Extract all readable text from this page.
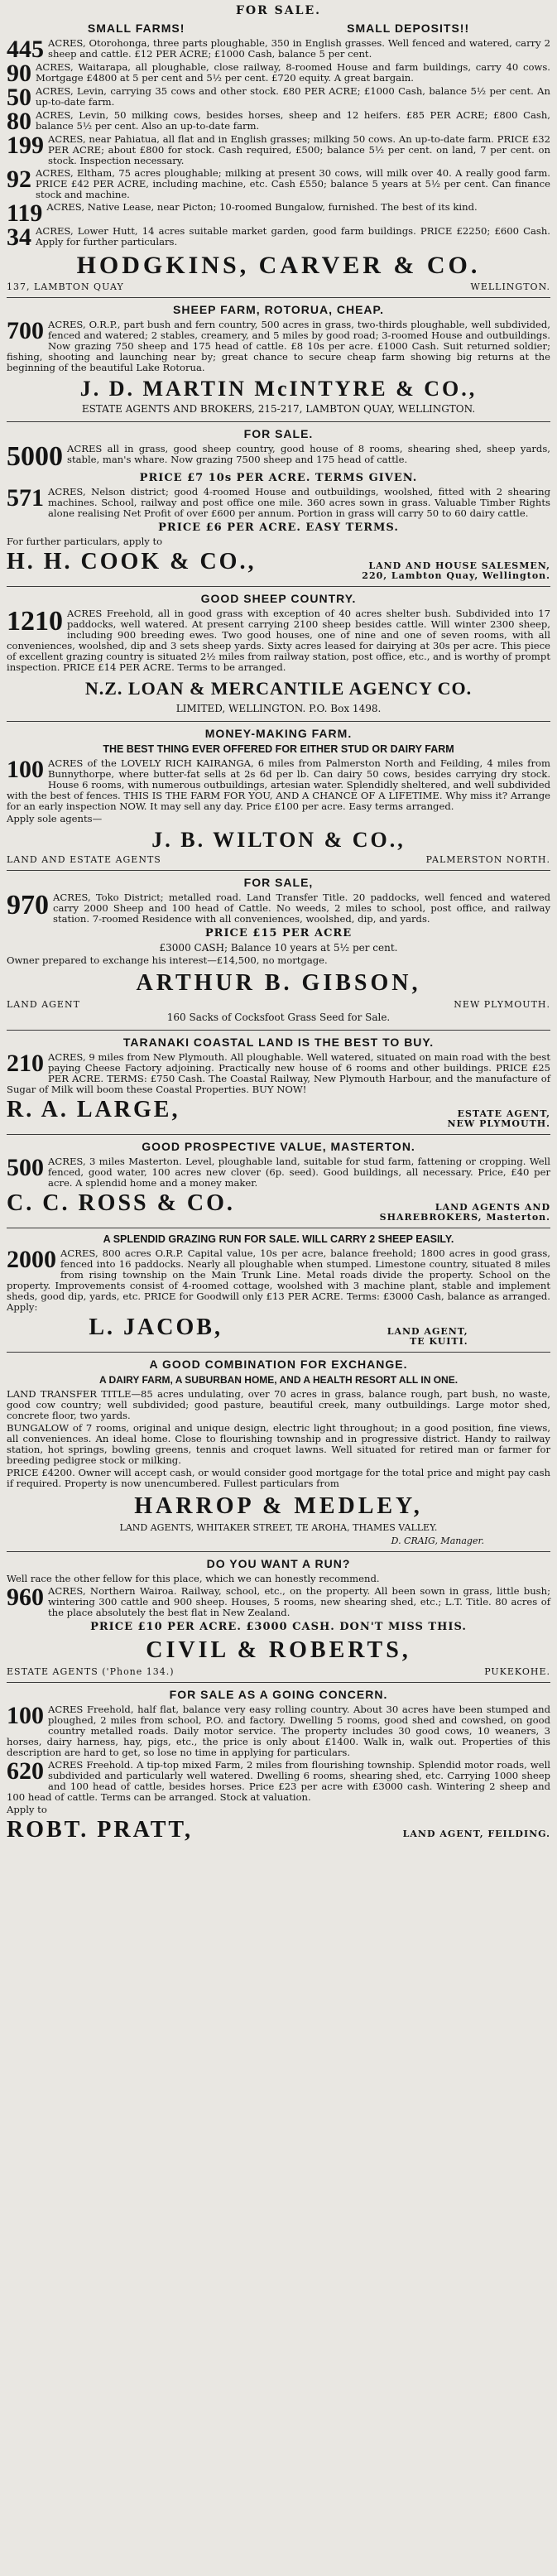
FOR SALE.
SMALL FARMS!	SMALL DEPOSITS!!
445 ACRES, Otorohonga, three parts ploughable, 350 in English grasses. Well fenced and watered, carry 2 sheep and cattle. £12 PER ACRE; £1000 Cash, balance 5 per cent.
90 ACRES, Waitarapa, all ploughable, close railway, 8-roomed House and farm buildings, carry 40 cows. Mortgage £4800 at 5 per cent and 5½ per cent. £720 equity. A great bargain.
50 ACRES, Levin, carrying 35 cows and other stock. £80 PER ACRE; £1000 Cash, balance 5½ per cent. An up-to-date farm.
80 ACRES, Levin, 50 milking cows, besides horses, sheep and 12 heifers. £85 PER ACRE; £800 Cash, balance 5½ per cent. Also an up-to-date farm.
199 ACRES, near Pahiatua, all flat and in English grasses; milking 50 cows. An up-to-date farm. PRICE £32 PER ACRE; about £800 for stock. Cash required, £500; balance 5½ per cent. on land, 7 per cent. on stock. Inspection necessary.
92 ACRES, Eltham, 75 acres ploughable; milking at present 30 cows, will milk over 40. A really good farm. PRICE £42 PER ACRE, including machine, etc. Cash £550; balance 5 years at 5½ per cent. Can finance stock and machine.
119 ACRES, Native Lease, near Picton; 10-roomed Bungalow, furnished. The best of its kind.
34 ACRES, Lower Hutt, 14 acres suitable market garden, good farm buildings. PRICE £2250; £600 Cash. Apply for further particulars.
HODGKINS, CARVER & CO.
137, LAMBTON QUAY	WELLINGTON.
SHEEP FARM, ROTORUA, CHEAP.
700 ACRES, O.R.P., part bush and fern country, 500 acres in grass, two-thirds ploughable, well subdivided, fenced and watered; 2 stables, creamery, and 5 miles by good road; 3-roomed House and outbuildings. Now grazing 750 sheep and 175 head of cattle. £8 10s per acre. £1000 Cash. Suit returned soldier; fishing, shooting and launching near by; great chance to secure cheap farm showing big returns at the beginning of the beautiful Lake Rotorua.
J. D. MARTIN McINTYRE & CO.,
ESTATE AGENTS AND BROKERS, 215-217, LAMBTON QUAY, WELLINGTON.
FOR SALE.
5000 ACRES all in grass, good sheep country, good house of 8 rooms, shearing shed, sheep yards, stable, man's whare. Now grazing 7500 sheep and 175 head of cattle.
PRICE £7 10s PER ACRE. TERMS GIVEN.
571 ACRES, Nelson district; good 4-roomed House and outbuildings, woolshed, fitted with 2 shearing machines. School, railway and post office one mile. 360 acres sown in grass. Valuable Timber Rights alone realising Net Profit of over £600 per annum. Portion in grass will carry 50 to 60 dairy cattle.
PRICE £6 PER ACRE. EASY TERMS.
For further particulars, apply to
H. H. COOK & CO.,	LAND AND HOUSE SALESMEN,
220, Lambton Quay, Wellington.
GOOD SHEEP COUNTRY.
1210 ACRES Freehold, all in good grass with exception of 40 acres shelter bush. Subdivided into 17 paddocks, well watered. At present carrying 2100 sheep besides cattle. Will winter 2300 sheep, including 900 breeding ewes. Two good houses, one of nine and one of seven rooms, with all conveniences, woolshed, dip and 3 sets sheep yards. Sixty acres leased for dairying at 30s per acre. This piece of excellent grazing country is situated 2½ miles from railway station, post office, etc., and is worthy of prompt inspection. PRICE £14 PER ACRE. Terms to be arranged.
N.Z. LOAN & MERCANTILE AGENCY CO.
LIMITED, WELLINGTON. P.O. Box 1498.
MONEY-MAKING FARM.
THE BEST THING EVER OFFERED FOR EITHER STUD OR DAIRY FARM
100 ACRES of the LOVELY RICH KAIRANGA, 6 miles from Palmerston North and Feilding, 4 miles from Bunnythorpe, where butter-fat sells at 2s 6d per lb. Can dairy 50 cows, besides carrying dry stock. House 6 rooms, with numerous outbuildings, artesian water. Splendidly sheltered, and well subdivided with the best of fences. THIS IS THE FARM FOR YOU, AND A CHANCE OF A LIFETIME. Why miss it? Arrange for an early inspection NOW. It may sell any day. Price £100 per acre. Easy terms arranged.
Apply sole agents—
J. B. WILTON & CO.,
LAND AND ESTATE AGENTS	PALMERSTON NORTH.
FOR SALE,
970 ACRES, Toko District; metalled road. Land Transfer Title. 20 paddocks, well fenced and watered carry 2000 Sheep and 100 head of Cattle. No weeds, 2 miles to school, post office, and railway station. 7-roomed Residence with all conveniences, woolshed, dip, and yards.
PRICE £15 PER ACRE
£3000 CASH; Balance 10 years at 5½ per cent.
Owner prepared to exchange his interest—£14,500, no mortgage.
ARTHUR B. GIBSON,
LAND AGENT	NEW PLYMOUTH.
160 Sacks of Cocksfoot Grass Seed for Sale.
TARANAKI COASTAL LAND IS THE BEST TO BUY.
210 ACRES, 9 miles from New Plymouth. All ploughable. Well watered, situated on main road with the best paying Cheese Factory adjoining. Practically new house of 6 rooms and other buildings. PRICE £25 PER ACRE. TERMS: £750 Cash. The Coastal Railway, New Plymouth Harbour, and the manufacture of Sugar of Milk will boom these Coastal Properties. BUY NOW!
R. A. LARGE,	ESTATE AGENT,
NEW PLYMOUTH.
GOOD PROSPECTIVE VALUE, MASTERTON.
500 ACRES, 3 miles Masterton. Level, ploughable land, suitable for stud farm, fattening or cropping. Well fenced, good water, 100 acres new clover (6p. seed). Good buildings, all necessary. Price, £40 per acre. A splendid home and a money maker.
C. C. ROSS & CO.	LAND AGENTS AND
SHAREBROKERS, Masterton.
A SPLENDID GRAZING RUN FOR SALE. WILL CARRY 2 SHEEP EASILY.
2000 ACRES, 800 acres O.R.P. Capital value, 10s per acre, balance freehold; 1800 acres in good grass, fenced into 16 paddocks. Nearly all ploughable when stumped. Limestone country, situated 8 miles from rising township on the Main Trunk Line. Metal roads divide the property. School on the property. Improvements consist of 4-roomed cottage, woolshed with 3 machine plant, stable and implement sheds, good dip, yards, etc. PRICE for Goodwill only £13 PER ACRE. Terms: £3000 Cash, balance as arranged. Apply:
L. JACOB,	LAND AGENT,
TE KUITI.
A GOOD COMBINATION FOR EXCHANGE.
A DAIRY FARM, A SUBURBAN HOME, AND A HEALTH RESORT ALL IN ONE.
LAND TRANSFER TITLE—85 acres undulating, over 70 acres in grass, balance rough, part bush, no waste, good cow country; well subdivided; good pasture, beautiful creek, many outbuildings. Large motor shed, concrete floor, two yards.
BUNGALOW of 7 rooms, original and unique design, electric light throughout; in a good position, fine views, all conveniences. An ideal home. Close to flourishing township and in progressive district. Handy to railway station, hot springs, bowling greens, tennis and croquet lawns. Well situated for retired man or farmer for breeding pedigree stock or milking.
PRICE £4200. Owner will accept cash, or would consider good mortgage for the total price and might pay cash if required. Property is now unencumbered. Fullest particulars from
HARROP & MEDLEY,
LAND AGENTS, WHITAKER STREET, TE AROHA, THAMES VALLEY.
D. CRAIG, Manager.
DO YOU WANT A RUN?
Well race the other fellow for this place, which we can honestly recommend.
960 ACRES, Northern Wairoa. Railway, school, etc., on the property. All been sown in grass, little bush; wintering 300 cattle and 900 sheep. Houses, 5 rooms, new shearing shed, etc.; L.T. Title. 80 acres of the place absolutely the best flat in New Zealand.
PRICE £10 PER ACRE. £3000 CASH. DON'T MISS THIS.
CIVIL & ROBERTS,
ESTATE AGENTS ('Phone 134.)	PUKEKOHE.
FOR SALE AS A GOING CONCERN.
100 ACRES Freehold, half flat, balance very easy rolling country. About 30 acres have been stumped and ploughed, 2 miles from school, P.O. and factory. Dwelling 5 rooms, good shed and cowshed, on good country metalled roads. Daily motor service. The property includes 30 good cows, 10 weaners, 3 horses, dairy harness, hay, pigs, etc., the price is only about £1400. Walk in, walk out. Properties of this description are hard to get, so lose no time in applying for particulars.
620 ACRES Freehold. A tip-top mixed Farm, 2 miles from flourishing township. Splendid motor roads, well subdivided and particularly well watered. Dwelling 6 rooms, shearing shed, etc. Carrying 1000 sheep and 100 head of cattle, besides horses. Price £23 per acre with £3000 cash. Wintering 2 sheep and 100 head of cattle. Terms can be arranged. Stock at valuation.
Apply to
ROBT. PRATT,	LAND AGENT, FEILDING.
